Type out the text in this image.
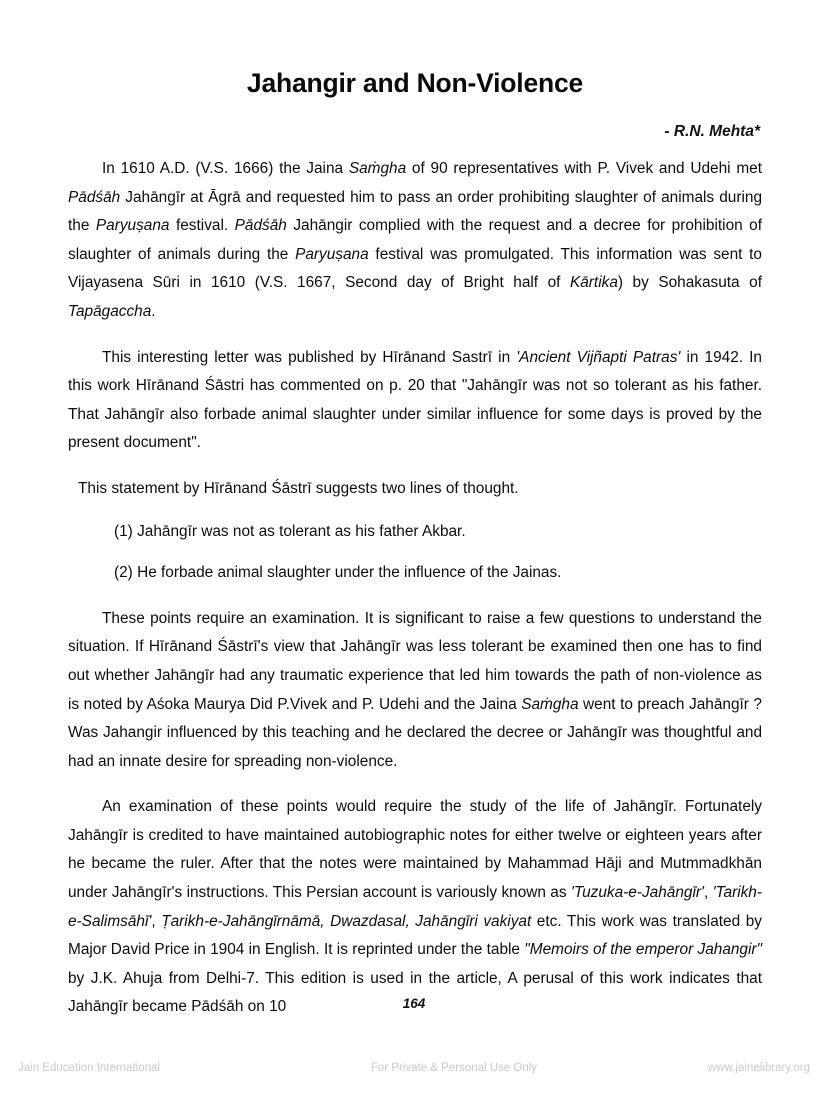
Jahangir and Non-Violence
- R.N. Mehta*

In 1610 A.D. (V.S. 1666) the Jaina Saṁgha of 90 representatives with P. Vivek and Udehi met Pādśāh Jahāngīr at Āgrā and requested him to pass an order prohibiting slaughter of animals during the Paryuṣana festival. Pādśāh Jahāngir complied with the request and a decree for prohibition of slaughter of animals during the Paryuṣana festival was promulgated. This information was sent to Vijayasena Sūri in 1610 (V.S. 1667, Second day of Bright half of Kārtika) by Sohakasuta of Tapāgaccha.

This interesting letter was published by Hīrānand Sastrī in 'Ancient Vijñapti Patras' in 1942. In this work Hīrānand Śāstri has commented on p. 20 that "Jahāngīr was not so tolerant as his father. That Jahāngīr also forbade animal slaughter under similar influence for some days is proved by the present document".

This statement by Hīrānand Śāstrī suggests two lines of thought.

(1) Jahāngīr was not as tolerant as his father Akbar.

(2) He forbade animal slaughter under the influence of the Jainas.

These points require an examination. It is significant to raise a few questions to understand the situation. If Hīrānand Śāstrī's view that Jahāngīr was less tolerant be examined then one has to find out whether Jahāngīr had any traumatic experience that led him towards the path of non-violence as is noted by Aśoka Maurya Did P.Vivek and P. Udehi and the Jaina Saṁgha went to preach Jahāngīr ? Was Jahangir influenced by this teaching and he declared the decree or Jahāngīr was thoughtful and had an innate desire for spreading non-violence.

An examination of these points would require the study of the life of Jahāngīr. Fortunately Jahāngīr is credited to have maintained autobiographic notes for either twelve or eighteen years after he became the ruler. After that the notes were maintained by Mahammad Hāji and Mutmmadkhān under Jahāngīr's instructions. This Persian account is variously known as 'Tuzuka-e-Jahāngīr', 'Tarikh-e-Salimsāhī', Ṭarikh-e-Jahāngīrnāmā, Dwazdasal, Jahāngīri vakiyat etc. This work was translated by Major David Price in 1904 in English. It is reprinted under the table "Memoirs of the emperor Jahangir" by J.K. Ahuja from Delhi-7. This edition is used in the article, A perusal of this work indicates that Jahāngīr became Pādśāh on 10	164
Jain Education International	For Private & Personal Use Only	www.jainelibrary.org
